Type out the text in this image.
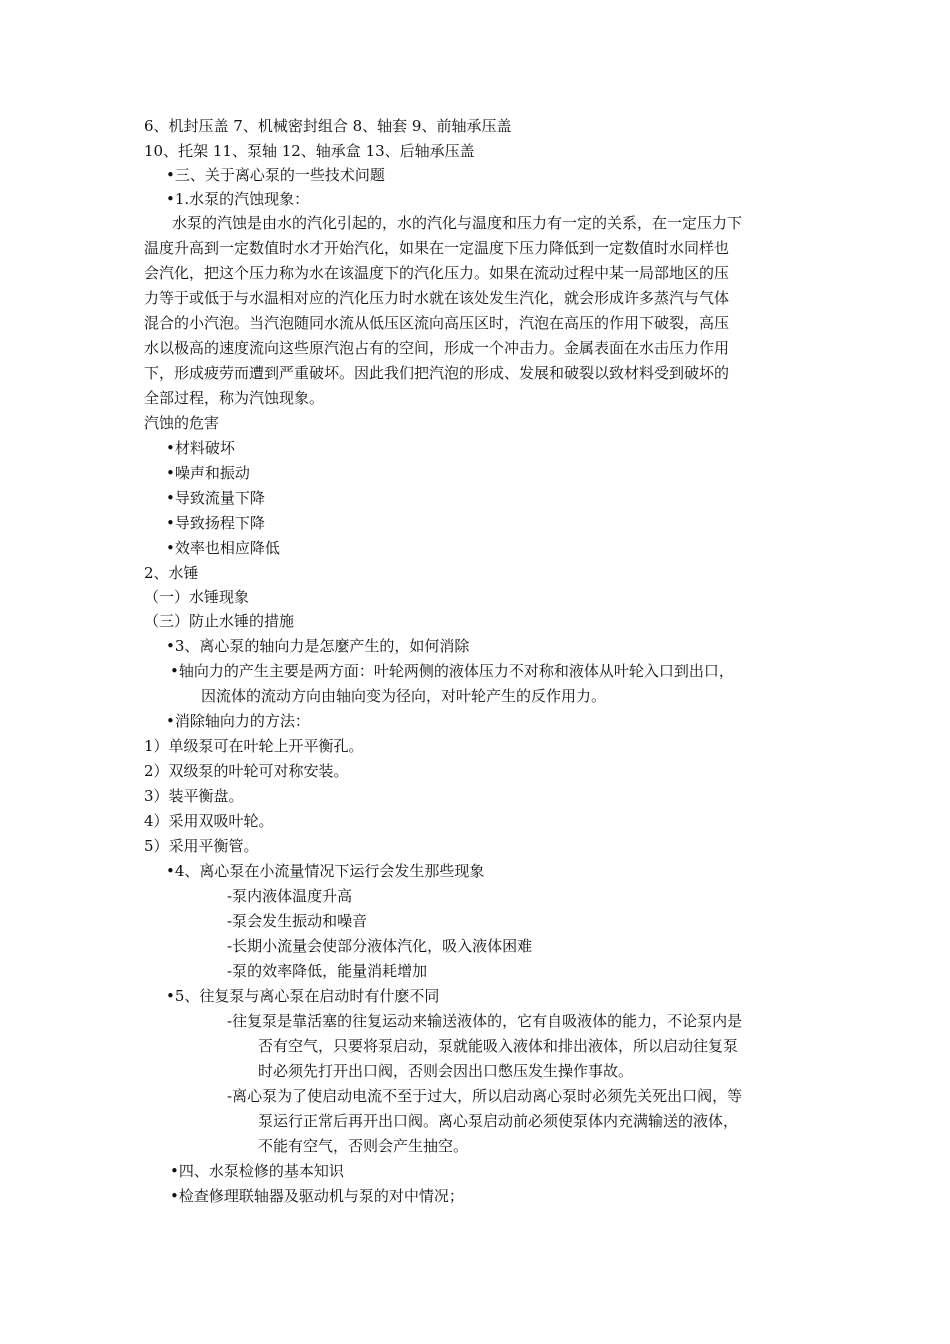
6、机封压盖 7、机械密封组合 8、轴套 9、前轴承压盖
10、托架 11、泵轴 12、轴承盒 13、后轴承压盖
•三、关于离心泵的一些技术问题
•1.水泵的汽蚀现象：
水泵的汽蚀是由水的汽化引起的，水的汽化与温度和压力有一定的关系，在一定压力下
温度升高到一定数值时水才开始汽化，如果在一定温度下压力降低到一定数值时水同样也
会汽化，把这个压力称为水在该温度下的汽化压力。如果在流动过程中某一局部地区的压
力等于或低于与水温相对应的汽化压力时水就在该处发生汽化，就会形成许多蒸汽与气体
混合的小汽泡。当汽泡随同水流从低压区流向高压区时，汽泡在高压的作用下破裂，高压
水以极高的速度流向这些原汽泡占有的空间，形成一个冲击力。金属表面在水击压力作用
下，形成疲劳而遭到严重破坏。因此我们把汽泡的形成、发展和破裂以致材料受到破坏的
全部过程，称为汽蚀现象。
汽蚀的危害
•材料破坏
•噪声和振动
•导致流量下降
•导致扬程下降
•效率也相应降低
2、水锤
（一）水锤现象
（三）防止水锤的措施
•3、离心泵的轴向力是怎麼产生的，如何消除
•轴向力的产生主要是两方面：叶轮两侧的液体压力不对称和液体从叶轮入口到出口，
因流体的流动方向由轴向变为径向，对叶轮产生的反作用力。
•消除轴向力的方法：
1）单级泵可在叶轮上开平衡孔。
2）双级泵的叶轮可对称安装。
3）装平衡盘。
4）采用双吸叶轮。
5）采用平衡管。
•4、离心泵在小流量情况下运行会发生那些现象
-泵内液体温度升高
-泵会发生振动和噪音
-长期小流量会使部分液体汽化，吸入液体困难
-泵的效率降低，能量消耗增加
•5、往复泵与离心泵在启动时有什麽不同
-往复泵是靠活塞的往复运动来输送液体的，它有自吸液体的能力，不论泵内是
否有空气，只要将泵启动，泵就能吸入液体和排出液体，所以启动往复泵
时必须先打开出口阀，否则会因出口憋压发生操作事故。
-离心泵为了使启动电流不至于过大，所以启动离心泵时必须先关死出口阀，等
泵运行正常后再开出口阀。离心泵启动前必须使泵体内充满输送的液体，
不能有空气，否则会产生抽空。
•四、水泵检修的基本知识
•检查修理联轴器及驱动机与泵的对中情况；
